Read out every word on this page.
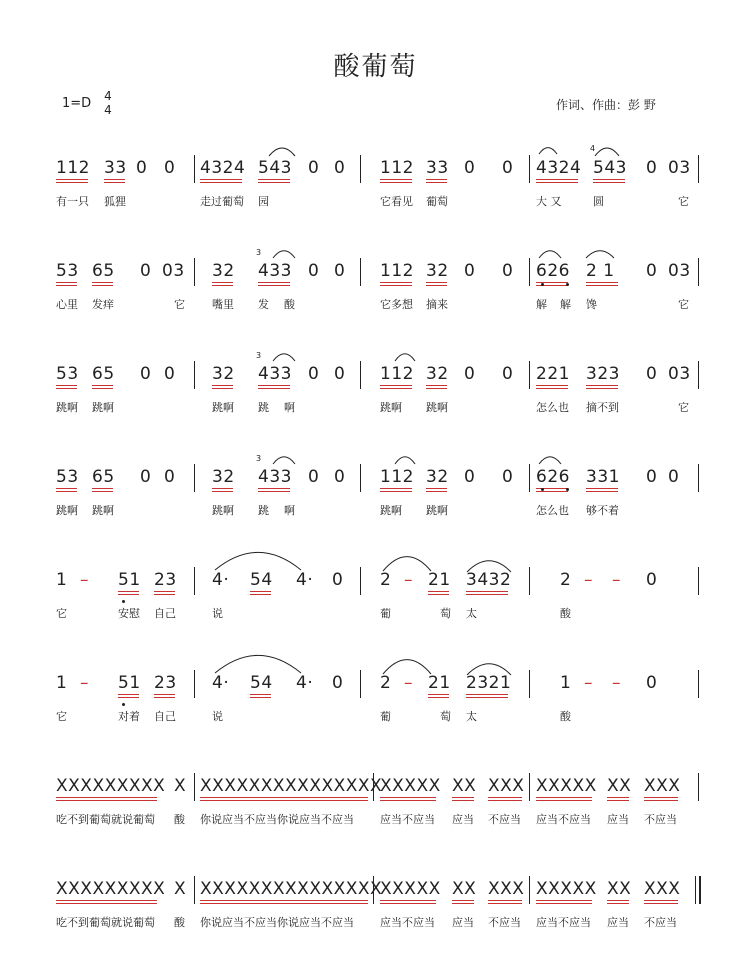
酸葡萄
1=D 4
4	作词、作曲：彭 野
112 33 0 0 4324 543 0 0 112 33 0 0 4324 543 0 03
有一只 狐狸	走过葡萄 园	它看见 葡萄	大 又	圆	它
53 65 0 03 32 433 0 0 112 32 0 0 626 2 1 0 03
心里 发痒	它 嘴里 发 酸	它多想 摘来	解 解 馋	它
53 65 0 0 32 433 0 0 112 32 0 0 221 323 0 03
跳啊 跳啊	跳啊 跳 啊	跳啊 跳啊	怎么也 摘不到	它
53 65 0 0 32 433 0 0 112 32 0 0 626 331 0 0
跳啊 跳啊	跳啊 跳 啊	跳啊 跳啊	怎么也 够不着
1 – 51 23 4· 54 4· 0 2 – 21 3432	2 – – 0
它	安慰 自己	说	葡	萄 太	酸
1 – 51 23 4· 54 4· 0 2 – 21 2321	1 – – 0
它	对着 自己	说	葡	萄 太	酸
XXXXXXXXX X XXXXXXXXXXXXXXX
XXXXX XX XXX XXXXX XX XXX
吃不到葡萄就说葡萄 酸 你说应当不应当你说应当不应当 应当不应当 应当 不应当 应当不应当 应当 不应当
XXXXXXXXX X XXXXXXXXXXXXXXX
XXXXX XX XXX XXXXX XX XXX
吃不到葡萄就说葡萄 酸 你说应当不应当你说应当不应当 应当不应当 应当 不应当 应当不应当 应当 不应当
4
3
3
3
